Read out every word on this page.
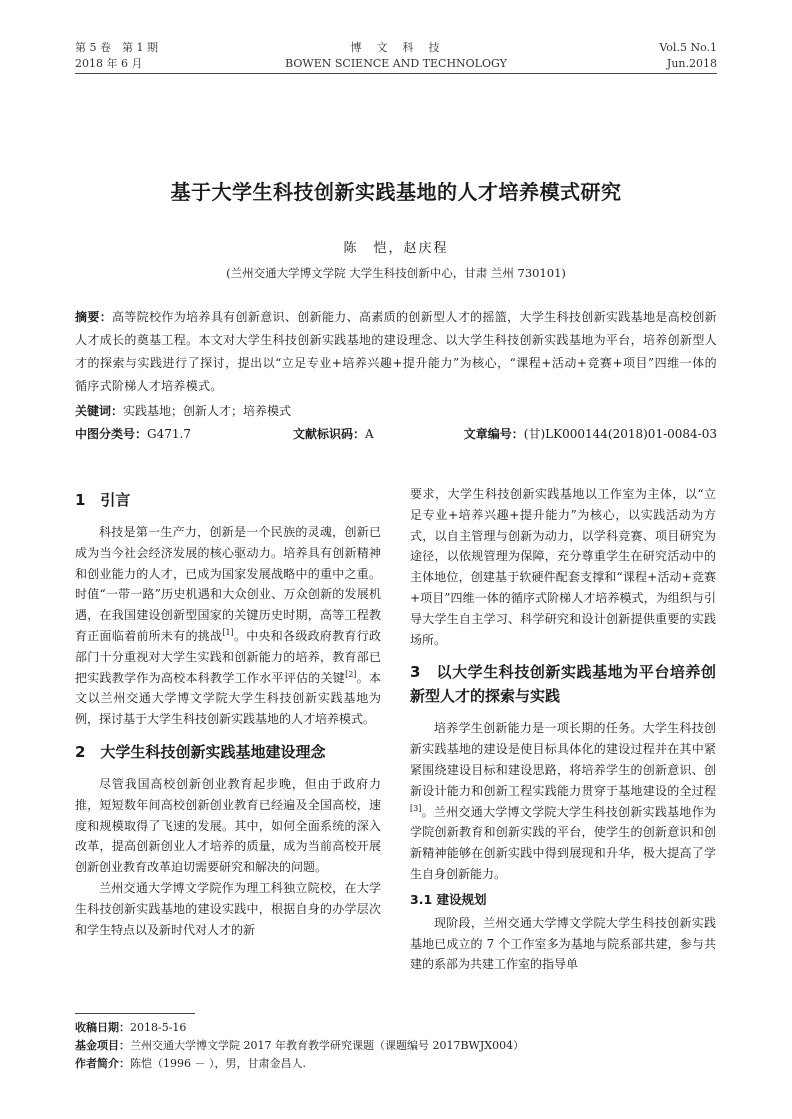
第 5 卷　第 1 期
2018 年 6 月
博　文　科　技
BOWEN SCIENCE AND TECHNOLOGY
Vol.5 No.1
Jun.2018
基于大学生科技创新实践基地的人才培养模式研究
陈　恺，赵庆程
(兰州交通大学博文学院 大学生科技创新中心，甘肃 兰州 730101)
摘要：高等院校作为培养具有创新意识、创新能力、高素质的创新型人才的摇篮，大学生科技创新实践基地是高校创新人才成长的奠基工程。本文对大学生科技创新实践基地的建设理念、以大学生科技创新实践基地为平台，培养创新型人才的探索与实践进行了探讨，提出以“立足专业+培养兴趣+提升能力”为核心，“课程+活动+竞赛+项目”四维一体的循序式阶梯人才培养模式。
关键词：实践基地；创新人才；培养模式
中图分类号：G471.7	文献标识码：A	文章编号：(甘)LK000144(2018)01-0084-03
1　引言

科技是第一生产力，创新是一个民族的灵魂，创新已成为当今社会经济发展的核心驱动力。培养具有创新精神和创业能力的人才，已成为国家发展战略中的重中之重。时值“一带一路”历史机遇和大众创业、万众创新的发展机遇，在我国建设创新型国家的关键历史时期，高等工程教育正面临着前所未有的挑战[1]。中央和各级政府教育行政部门十分重视对大学生实践和创新能力的培养，教育部已把实践教学作为高校本科教学工作水平评估的关键[2]。本文以兰州交通大学博文学院大学生科技创新实践基地为例，探讨基于大学生科技创新实践基地的人才培养模式。

2　大学生科技创新实践基地建设理念

尽管我国高校创新创业教育起步晚，但由于政府力推，短短数年间高校创新创业教育已经遍及全国高校，速度和规模取得了飞速的发展。其中，如何全面系统的深入改革，提高创新创业人才培养的质量，成为当前高校开展创新创业教育改革迫切需要研究和解决的问题。

兰州交通大学博文学院作为理工科独立院校，在大学生科技创新实践基地的建设实践中，根据自身的办学层次和学生特点以及新时代对人才的新

要求，大学生科技创新实践基地以工作室为主体，以“立足专业+培养兴趣+提升能力”为核心，以实践活动为方式，以自主管理与创新为动力，以学科竞赛、项目研究为途径，以依规管理为保障，充分尊重学生在研究活动中的主体地位，创建基于软硬件配套支撑和“课程+活动+竞赛+项目”四维一体的循序式阶梯人才培养模式，为组织与引导大学生自主学习、科学研究和设计创新提供重要的实践场所。

3　以大学生科技创新实践基地为平台培养创新型人才的探索与实践

培养学生创新能力是一项长期的任务。大学生科技创新实践基地的建设是使目标具体化的建设过程并在其中紧紧围绕建设目标和建设思路，将培养学生的创新意识、创新设计能力和创新工程实践能力贯穿于基地建设的全过程[3]。兰州交通大学博文学院大学生科技创新实践基地作为学院创新教育和创新实践的平台，使学生的创新意识和创新精神能够在创新实践中得到展现和升华，极大提高了学生自身创新能力。

3.1 建设规划

现阶段，兰州交通大学博文学院大学生科技创新实践基地已成立的 7 个工作室多为基地与院系部共建，参与共建的系部为共建工作室的指导单

收稿日期：2018-5-16
基金项目：兰州交通大学博文学院 2017 年教育教学研究课题（课题编号 2017BWJX004）
作者简介：陈恺（1996 － ），男，甘肃金昌人.
